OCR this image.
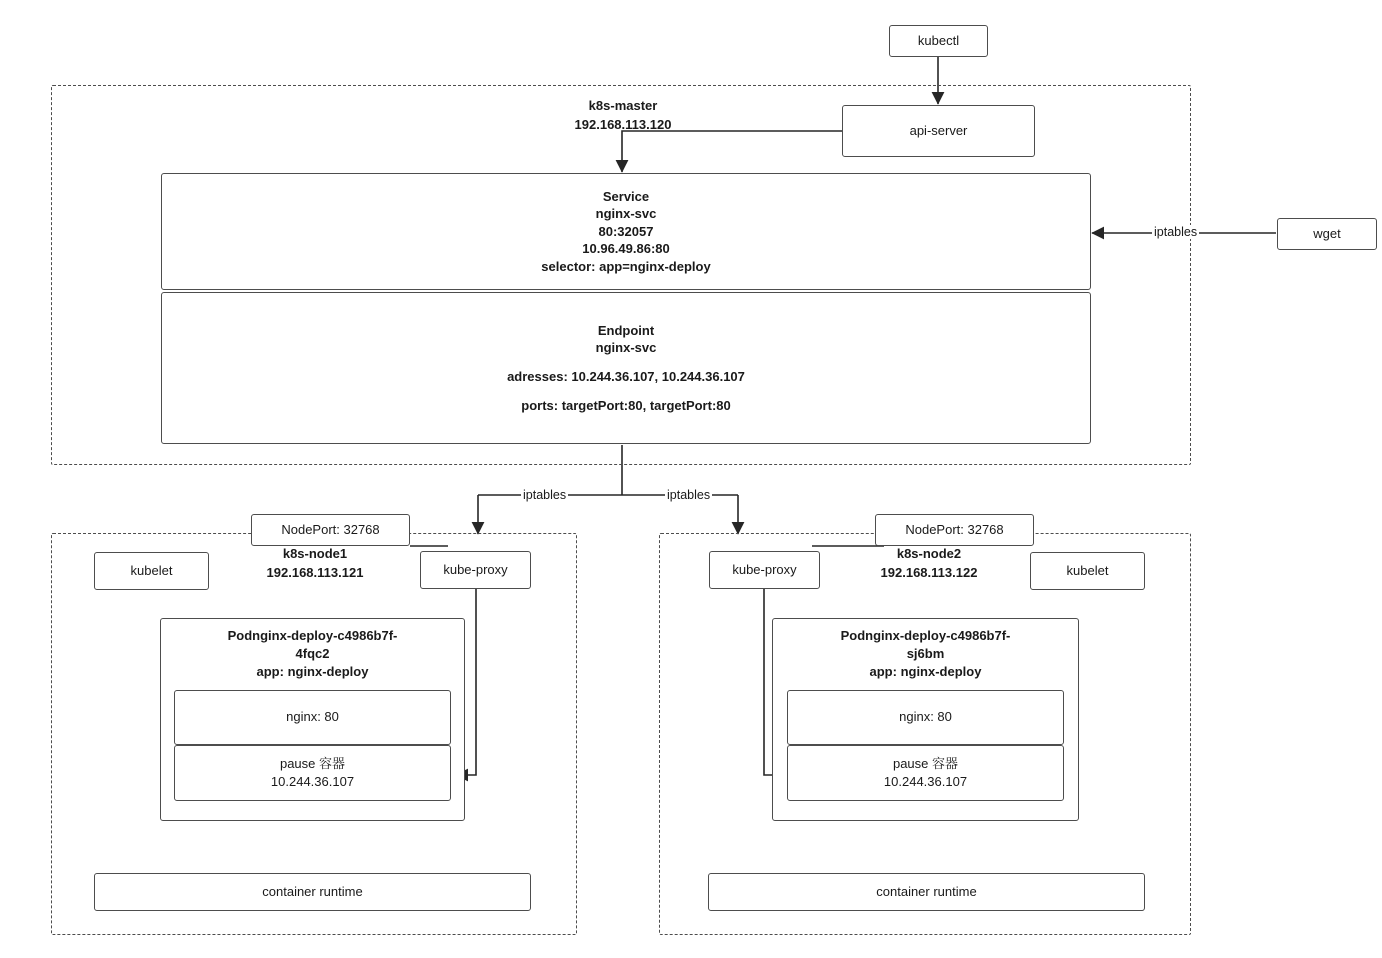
kubectl
k8s-master
192.168.113.120	api-server
Service
nginx-svc
80:32057
10.96.49.86:80
selector: app=nginx-deploy
Endpoint
nginx-svc
adresses: 10.244.36.107, 10.244.36.107
ports: targetPort:80, targetPort:80
wget
iptables
iptables	iptables
k8s-node1
192.168.113.121
NodePort: 32768
kubelet	kube-proxy
Podnginx-deploy-c4986b7f-
4fqc2
app: nginx-deploy
nginx: 80
pause 容器
10.244.36.107
container runtime
k8s-node2
192.168.113.122
NodePort: 32768
kubelet
kube-proxy
Podnginx-deploy-c4986b7f-
sj6bm
app: nginx-deploy
nginx: 80
pause 容器
10.244.36.107
container runtime
